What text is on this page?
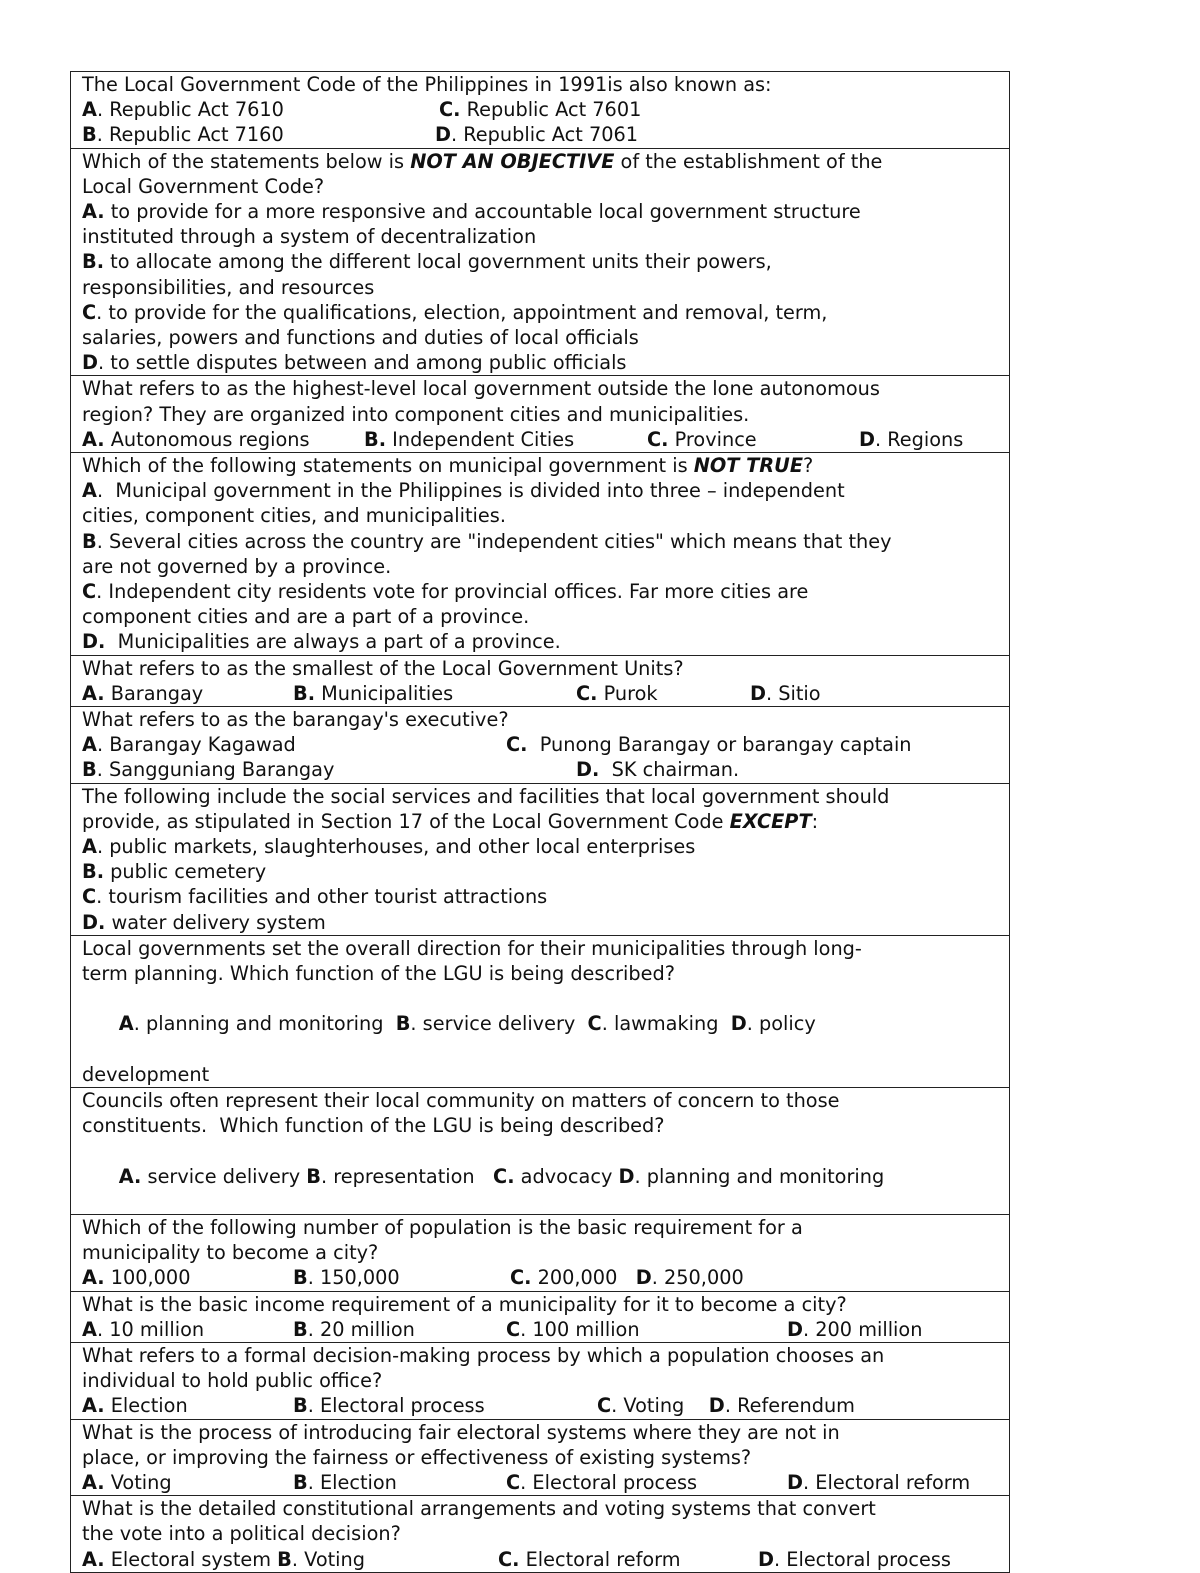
The Local Government Code of the Philippines in 1991is also known as:

A. Republic Act 7610

	C. Republic Act 7601

B. Republic Act 7160

	D. Republic Act 7061

Which of the statements below is NOT AN OBJECTIVE of the establishment of the
Local Government Code?
A. to provide for a more responsive and accountable local government structure
instituted through a system of decentralization
B. to allocate among the different local government units their powers,
responsibilities, and resources
C. to provide for the qualifications, election, appointment and removal, term,
salaries, powers and functions and duties of local officials
D. to settle disputes between and among public officials

What refers to as the highest-level local government outside the lone autonomous
region? They are organized into component cities and municipalities.

A. Autonomous regions

	B. Independent Cities

	C. Province

	D. Regions

Which of the following statements on municipal government is NOT TRUE?
A.  Municipal government in the Philippines is divided into three – independent
cities, component cities, and municipalities.
B. Several cities across the country are "independent cities" which means that they
are not governed by a province.
C. Independent city residents vote for provincial offices. Far more cities are
component cities and are a part of a province.
D.  Municipalities are always a part of a province.

What refers to as the smallest of the Local Government Units?

A. Barangay

	B. Municipalities

	C. Purok

	D. Sitio

What refers to as the barangay's executive?

A. Barangay Kagawad

	C.  Punong Barangay or barangay captain

B. Sangguniang Barangay

	D.  SK chairman.

The following include the social services and facilities that local government should
provide, as stipulated in Section 17 of the Local Government Code EXCEPT:
A. public markets, slaughterhouses, and other local enterprises
B. public cemetery
C. tourism facilities and other tourist attractions
D. water delivery system

Local governments set the overall direction for their municipalities through long-
term planning. Which function of the LGU is being described?

A. planning and monitoring  B. service delivery  C. lawmaking  D. policy

development

Councils often represent their local community on matters of concern to those
constituents.  Which function of the LGU is being described?

A. service delivery B. representation   C. advocacy D. planning and monitoring

Which of the following number of population is the basic requirement for a
municipality to become a city?

A. 100,000

	B. 150,000

	C. 200,000   D. 250,000

What is the basic income requirement of a municipality for it to become a city?

A. 10 million

	B. 20 million

	C. 100 million

	D. 200 million

What refers to a formal decision-making process by which a population chooses an
individual to hold public office?

A. Election

	B. Electoral process

	C. Voting    D. Referendum

What is the process of introducing fair electoral systems where they are not in
place, or improving the fairness or effectiveness of existing systems?

A. Voting

	B. Election

	C. Electoral process

	D. Electoral reform

What is the detailed constitutional arrangements and voting systems that convert
the vote into a political decision?

A. Electoral system B. Voting

	C. Electoral reform

	D. Electoral process
